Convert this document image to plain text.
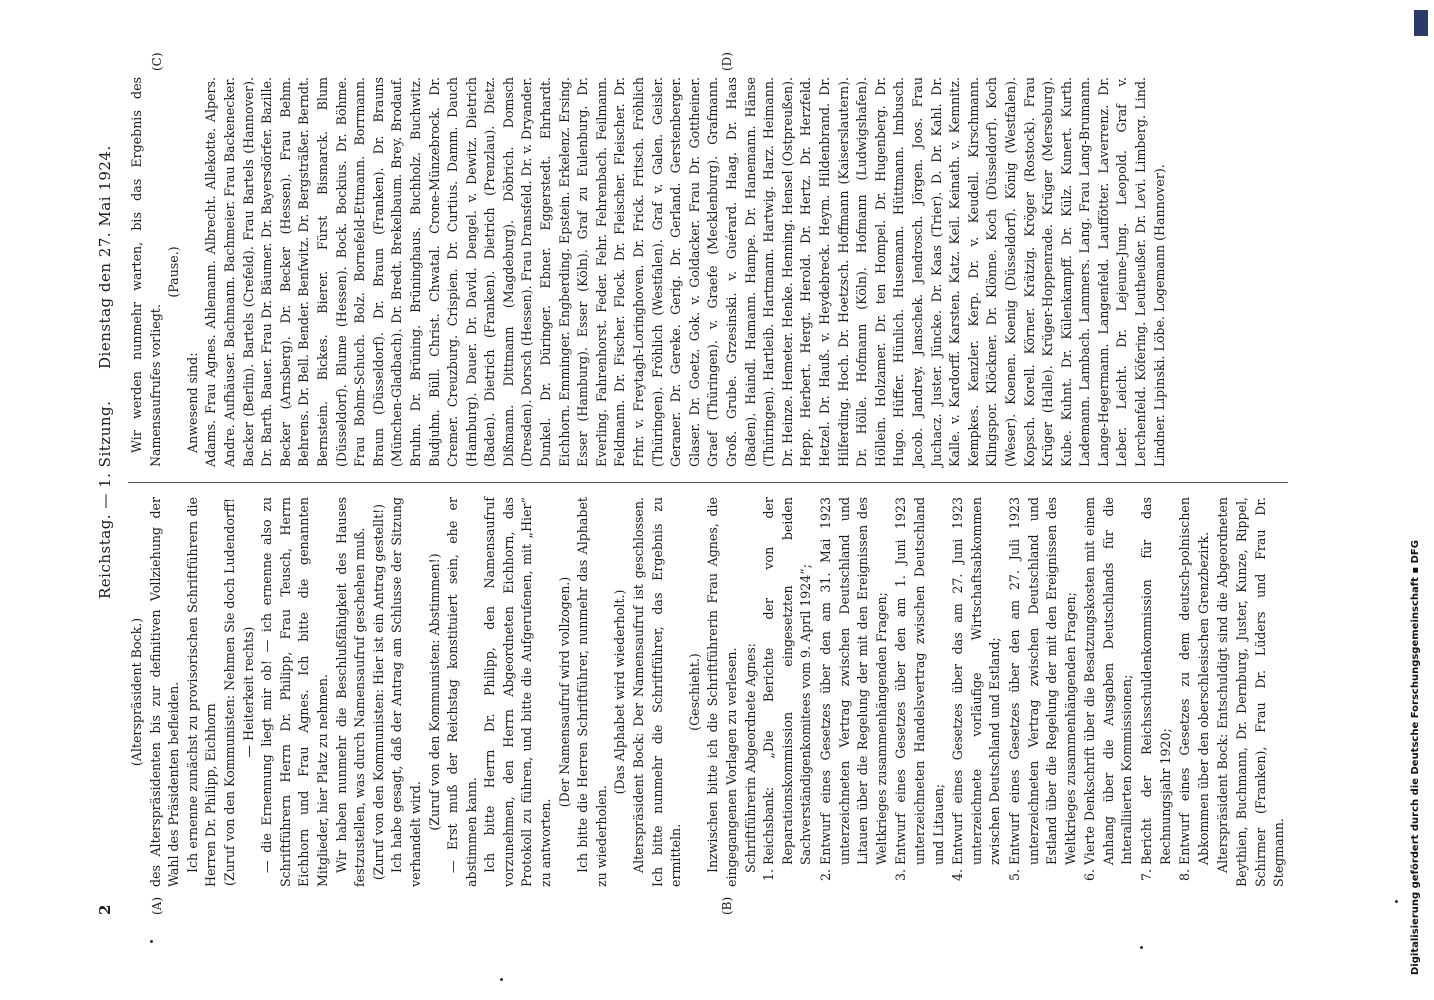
2
Reichstag. — 1. Sitzung.
Dienstag den 27. Mai 1924.
(A)	(B)
(C)	(D)

(Alterspräsident Bock.) des Alterspräsidenten bis zur definitiven Vollziehung der Wahl des Präsidenten befleiden. Ich ernenne zunächst zu provisorischen Schriftführern die Herren Dr. Philipp, Eichhorn (Zuruf von den Kommunisten: Nehmen Sie doch Ludendorff! — Heiterkeit rechts) — die Ernennung liegt mir ob! — ich ernenne also zu Schriftführern Herrn Dr. Philipp, Frau Teusch, Herrn Eichhorn und Frau Agnes. Ich bitte die genannten Mitglieder, hier Platz zu nehmen. Wir haben nunmehr die Beschlußfähigkeit des Hauses festzustellen, was durch Namensaufruf geschehen muß. (Zuruf von den Kommunisten: Hier ist ein Antrag gestellt!) Ich habe gesagt, daß der Antrag am Schlusse der Sitzung verhandelt wird.

(Zuruf von den Kommunisten: Abstimmen!) — Erst muß der Reichstag konstituiert sein, ehe er abstimmen kann. Ich bitte Herrn Dr. Philipp, den Namensaufruf vorzunehmen, den Herrn Abgeordneten Eichhorn, das Protokoll zu führen, und bitte die Aufgerufenen, mit „Hier“ zu antworten.

(Der Namensaufruf wird vollzogen.) Ich bitte die Herren Schriftführer, nunmehr das Alphabet zu wiederholen.

(Das Alphabet wird wiederholt.) Alterspräsident Bock: Der Namensaufruf ist geschlossen. Ich bitte nunmehr die Schriftführer, das Ergebnis zu ermitteln.

(Geschieht.) Inzwischen bitte ich die Schriftführerin Frau Agnes, die eingegangenen Vorlagen zu verlesen. Schriftführerin Abgeordnete Agnes: 1. Reichsbank: „Die Berichte der von der Reparationskommission eingesetzten beiden Sachverständigenkomitees vom 9. April 1924“; 2. Entwurf eines Gesetzes über den am 31. Mai 1923 unterzeichneten Vertrag zwischen Deutschland und Litauen über die Regelung der mit den Ereignissen des Weltkrieges zusammenhängenden Fragen; 3. Entwurf eines Gesetzes über den am 1. Juni 1923 unterzeichneten Handelsvertrag zwischen Deutschland und Litauen; 4. Entwurf eines Gesetzes über das am 27. Juni 1923 unterzeichnete vorläufige Wirtschaftsabkommen zwischen Deutschland und Estland; 5. Entwurf eines Gesetzes über den am 27. Juli 1923 unterzeichneten Vertrag zwischen Deutschland und Estland über die Regelung der mit den Ereignissen des Weltkrieges zusammenhängenden Fragen; 6. Vierte Denkschrift über die Besatzungskosten mit einem Anhang über die Ausgaben Deutschlands für die Interalliierten Kommissionen; 7. Bericht der Reichsschuldenkommission für das Rechnungsjahr 1920; 8. Entwurf eines Gesetzes zu dem deutsch-polnischen Abkommen über den oberschlesischen Grenzbezirk. Alterspräsident Bock: Entschuldigt sind die Abgeordneten Beythien, Buchmann, Dr. Dernburg, Juster, Kunze, Rippel, Schirmer (Franken), Frau Dr. Lüders und Frau Dr. Stegmann.

Wir werden nunmehr warten, bis das Ergebnis des Namensaufrufes vorliegt.

(Pause.)

Anwesend sind: Adams. Frau Agnes. Ahlemann. Albrecht. Allekotte. Alpers. Andre. Aufhäuser. Bachmann. Bachmeier. Frau Backenecker. Backer (Berlin). Bartels (Crefeld). Frau Bartels (Hannover). Dr. Barth. Bauer. Frau Dr. Bäumer. Dr. Bayersdörfer. Bazille. Becker (Arnsberg). Dr. Becker (Hessen). Frau Behm. Behrens. Dr. Bell. Bender. Benfwitz. Dr. Bergsträßer. Berndt. Bernstein. Bickes. Bierer. Fürst Bismarck. Blum (Düsseldorf). Blume (Hessen). Bock. Bockius. Dr. Böhme. Frau Bohm-Schuch. Bolz. Bornefeld-Ettmann. Borrmann. Braun (Düsseldorf). Dr. Braun (Franken). Dr. Brauns (München-Gladbach). Dr. Bredt. Brekelbaum. Brey. Brodauf. Bruhn. Dr. Brüning. Brüninghaus. Buchholz. Buchwitz. Budjuhn. Büll. Christ. Chwatal. Crone-Münzebrock. Dr. Cremer. Creuzburg. Crispien. Dr. Curtius. Damm. Dauch (Hamburg). Dauer. Dr. David. Dengel. v. Dewitz. Dietrich (Baden). Dietrich (Franken). Dietrich (Prenzlau). Dietz. Dißmann. Dittmann (Magdeburg). Döbrich. Domsch (Dresden). Dorsch (Hessen). Frau Dransfeld. Dr. v. Dryander. Dunkel. Dr. Düringer. Ebner. Eggerstedt. Ehrhardt. Eichhorn. Emminger. Engberding. Epstein. Erkelenz. Ersing. Esser (Hamburg). Esser (Köln). Graf zu Eulenburg. Dr. Everling. Fahrenhorst. Feder. Fehr. Fehrenbach. Feilmann. Feldmann. Dr. Fischer. Flock. Dr. Fleischer. Fleischer. Dr. Frhr. v. Freytagh-Loringhoven. Dr. Frick. Fritsch. Fröhlich (Thüringen). Fröhlich (Westfalen). Graf v. Galen. Geisler. Geraner. Dr. Gereke. Gerig. Dr. Gerland. Gerstenberger. Glaser. Dr. Goetz. Gok. v. Goldacker. Frau Dr. Gottheiner. Graef (Thüringen). v. Graefe (Mecklenburg). Grafmann. Groß. Grube. Grzesinski. v. Guérard. Haag. Dr. Haas (Baden). Haindl. Hamann. Hampe. Dr. Hanemann. Hänse (Thüringen). Hartleib. Hartmann. Hartwig. Harz. Heimann. Dr. Heinze. Hemeter. Henke. Henning. Hensel (Ostpreußen). Hepp. Herbert. Hergt. Herold. Dr. Hertz. Dr. Herzfeld. Hetzel. Dr. Hauß. v. Heydebreck. Heym. Hildenbrand. Dr. Hilferding. Hoch. Dr. Hoetzsch. Hoffmann (Kaiserslautern). Dr. Hölle. Hofmann (Köln). Hofmann (Ludwigshafen). Höllein. Holzamer. Dr. ten Hompel. Dr. Hugenberg. Dr. Hugo. Hüffer. Hünlich. Husemann. Hüttmann. Imbusch. Jacob. Jandrey. Janschek. Jendrosch. Jörgen. Joos. Frau Juchacz. Juster. Jüncke. Dr. Kaas (Trier). D. Dr. Kahl. Dr. Kalle. v. Kardorff. Karsten. Katz. Keil. Keinath. v. Kemnitz. Kempkes. Kenzler. Kerp. Dr. v. Keudell. Kirschmann. Klingspor. Klöckner. Dr. Klönne. Koch (Düsseldorf). Koch (Weser). Koenen. Koenig (Düsseldorf). König (Westfalen). Kopsch. Korell. Körner. Krätzig. Kröger (Rostock). Frau Krüger (Halle). Krüger-Hoppenrade. Krüger (Merseburg). Kube. Kuhnt. Dr. Külenkampff. Dr. Külz. Kunert. Kurth. Lademann. Lambach. Lammers. Lang. Frau Lang-Brumann. Lange-Hegermann. Langenfeld. Lauffötter. Laverrenz. Dr. Leber. Leicht. Dr. Lejeune-Jung. Leopold. Graf v. Lerchenfeld. Köfering. Leutheußer. Dr. Levi. Limberg. Lind. Lindner. Lipinski. Löbe. Logemann (Hannover).

Digitalisierung gefördert durch die Deutsche Forschungsgemeinschaft ▪ DFG
